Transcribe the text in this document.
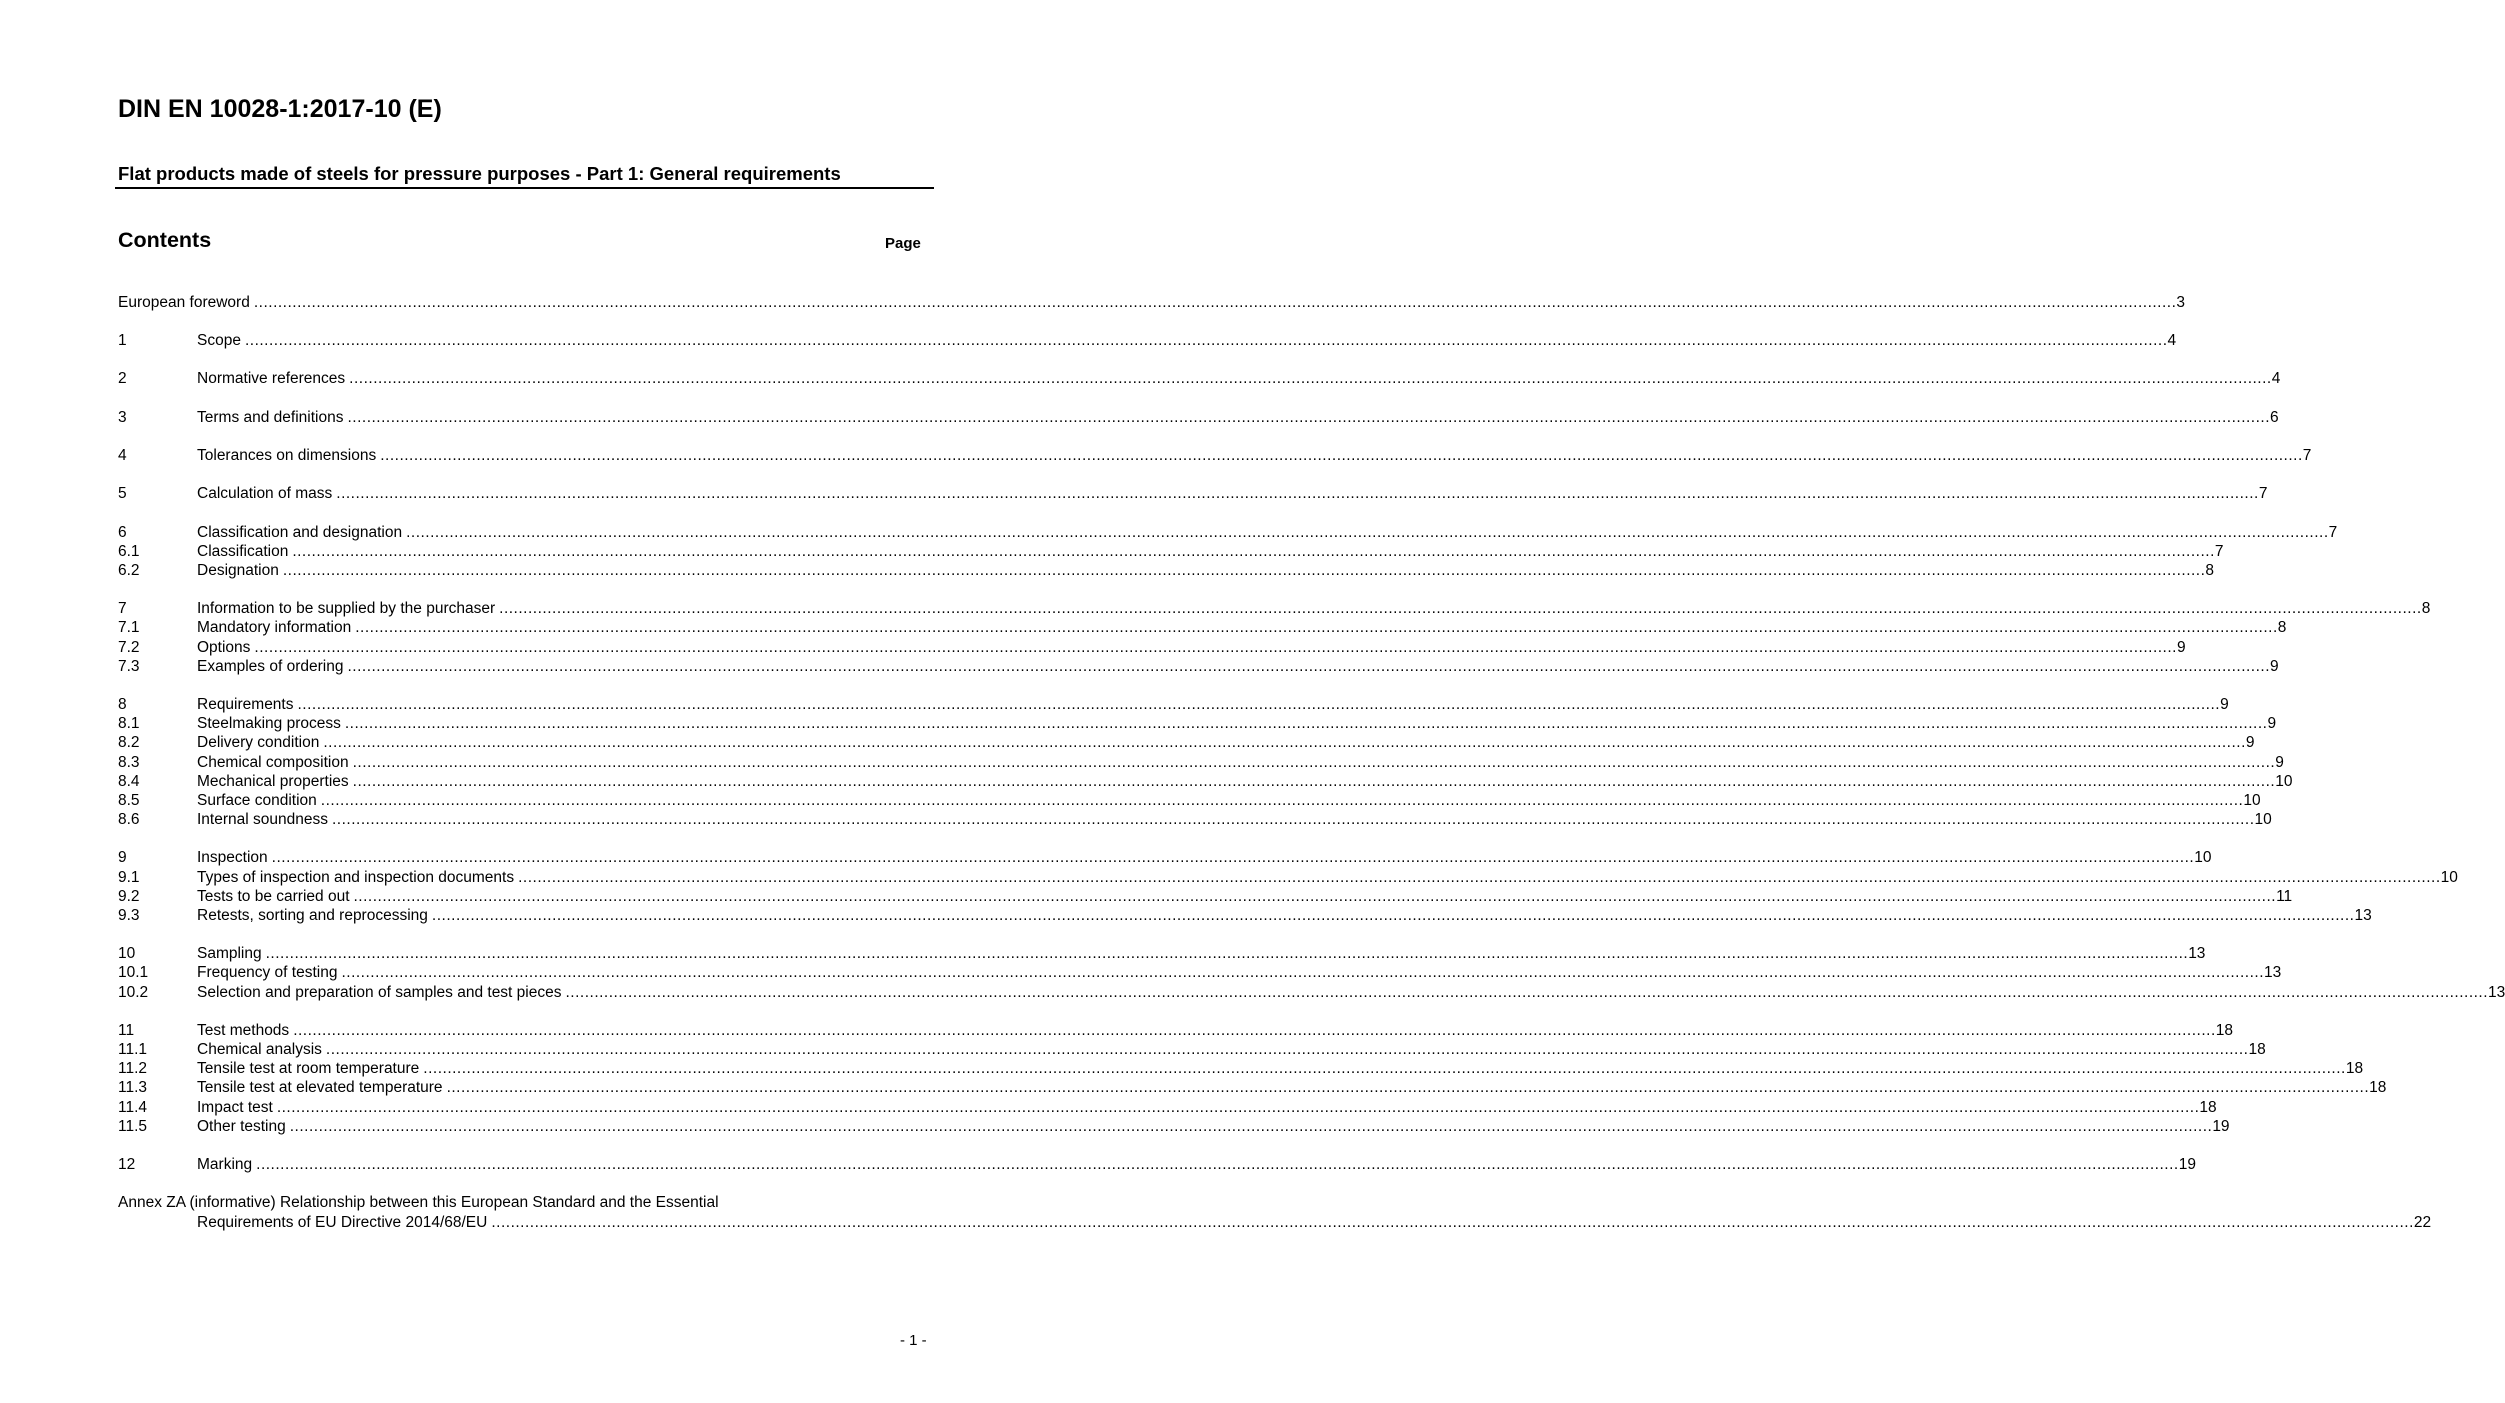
DIN EN 10028-1:2017-10 (E)
Flat products made of steels for pressure purposes - Part 1: General requirements
Contents	Page
European foreword ................................................................................................................................................................................................................................................................................................................................................................................................................ 3
1	Scope ................................................................................................................................................................................................................................................................................................................................................................................................................ 4
2	Normative references ................................................................................................................................................................................................................................................................................................................................................................................................................ 4
3	Terms and definitions ................................................................................................................................................................................................................................................................................................................................................................................................................ 6
4	Tolerances on dimensions ................................................................................................................................................................................................................................................................................................................................................................................................................ 7
5	Calculation of mass ................................................................................................................................................................................................................................................................................................................................................................................................................ 7
6	Classification and designation ................................................................................................................................................................................................................................................................................................................................................................................................................ 7
6.1	Classification ................................................................................................................................................................................................................................................................................................................................................................................................................ 7
6.2	Designation ................................................................................................................................................................................................................................................................................................................................................................................................................ 8
7	Information to be supplied by the purchaser ................................................................................................................................................................................................................................................................................................................................................................................................................ 8
7.1	Mandatory information ................................................................................................................................................................................................................................................................................................................................................................................................................ 8
7.2	Options ................................................................................................................................................................................................................................................................................................................................................................................................................ 9
7.3	Examples of ordering ................................................................................................................................................................................................................................................................................................................................................................................................................ 9
8	Requirements ................................................................................................................................................................................................................................................................................................................................................................................................................ 9
8.1	Steelmaking process ................................................................................................................................................................................................................................................................................................................................................................................................................ 9
8.2	Delivery condition ................................................................................................................................................................................................................................................................................................................................................................................................................ 9
8.3	Chemical composition ................................................................................................................................................................................................................................................................................................................................................................................................................ 9
8.4	Mechanical properties ................................................................................................................................................................................................................................................................................................................................................................................................................ 10
8.5	Surface condition ................................................................................................................................................................................................................................................................................................................................................................................................................ 10
8.6	Internal soundness ................................................................................................................................................................................................................................................................................................................................................................................................................ 10
9	Inspection ................................................................................................................................................................................................................................................................................................................................................................................................................ 10
9.1	Types of inspection and inspection documents ................................................................................................................................................................................................................................................................................................................................................................................................................ 10
9.2	Tests to be carried out ................................................................................................................................................................................................................................................................................................................................................................................................................ 11
9.3	Retests, sorting and reprocessing ................................................................................................................................................................................................................................................................................................................................................................................................................ 13
10	Sampling ................................................................................................................................................................................................................................................................................................................................................................................................................ 13
10.1	Frequency of testing ................................................................................................................................................................................................................................................................................................................................................................................................................ 13
10.2	Selection and preparation of samples and test pieces ................................................................................................................................................................................................................................................................................................................................................................................................................ 13
11	Test methods ................................................................................................................................................................................................................................................................................................................................................................................................................ 18
11.1	Chemical analysis ................................................................................................................................................................................................................................................................................................................................................................................................................ 18
11.2	Tensile test at room temperature ................................................................................................................................................................................................................................................................................................................................................................................................................ 18
11.3	Tensile test at elevated temperature ................................................................................................................................................................................................................................................................................................................................................................................................................ 18
11.4	Impact test ................................................................................................................................................................................................................................................................................................................................................................................................................ 18
11.5	Other testing ................................................................................................................................................................................................................................................................................................................................................................................................................ 19
12	Marking ................................................................................................................................................................................................................................................................................................................................................................................................................ 19
Annex ZA (informative) Relationship between this European Standard and the Essential
Requirements of EU Directive 2014/68/EU ................................................................................................................................................................................................................................................................................................................................................................................................................ 22
- 1 -
